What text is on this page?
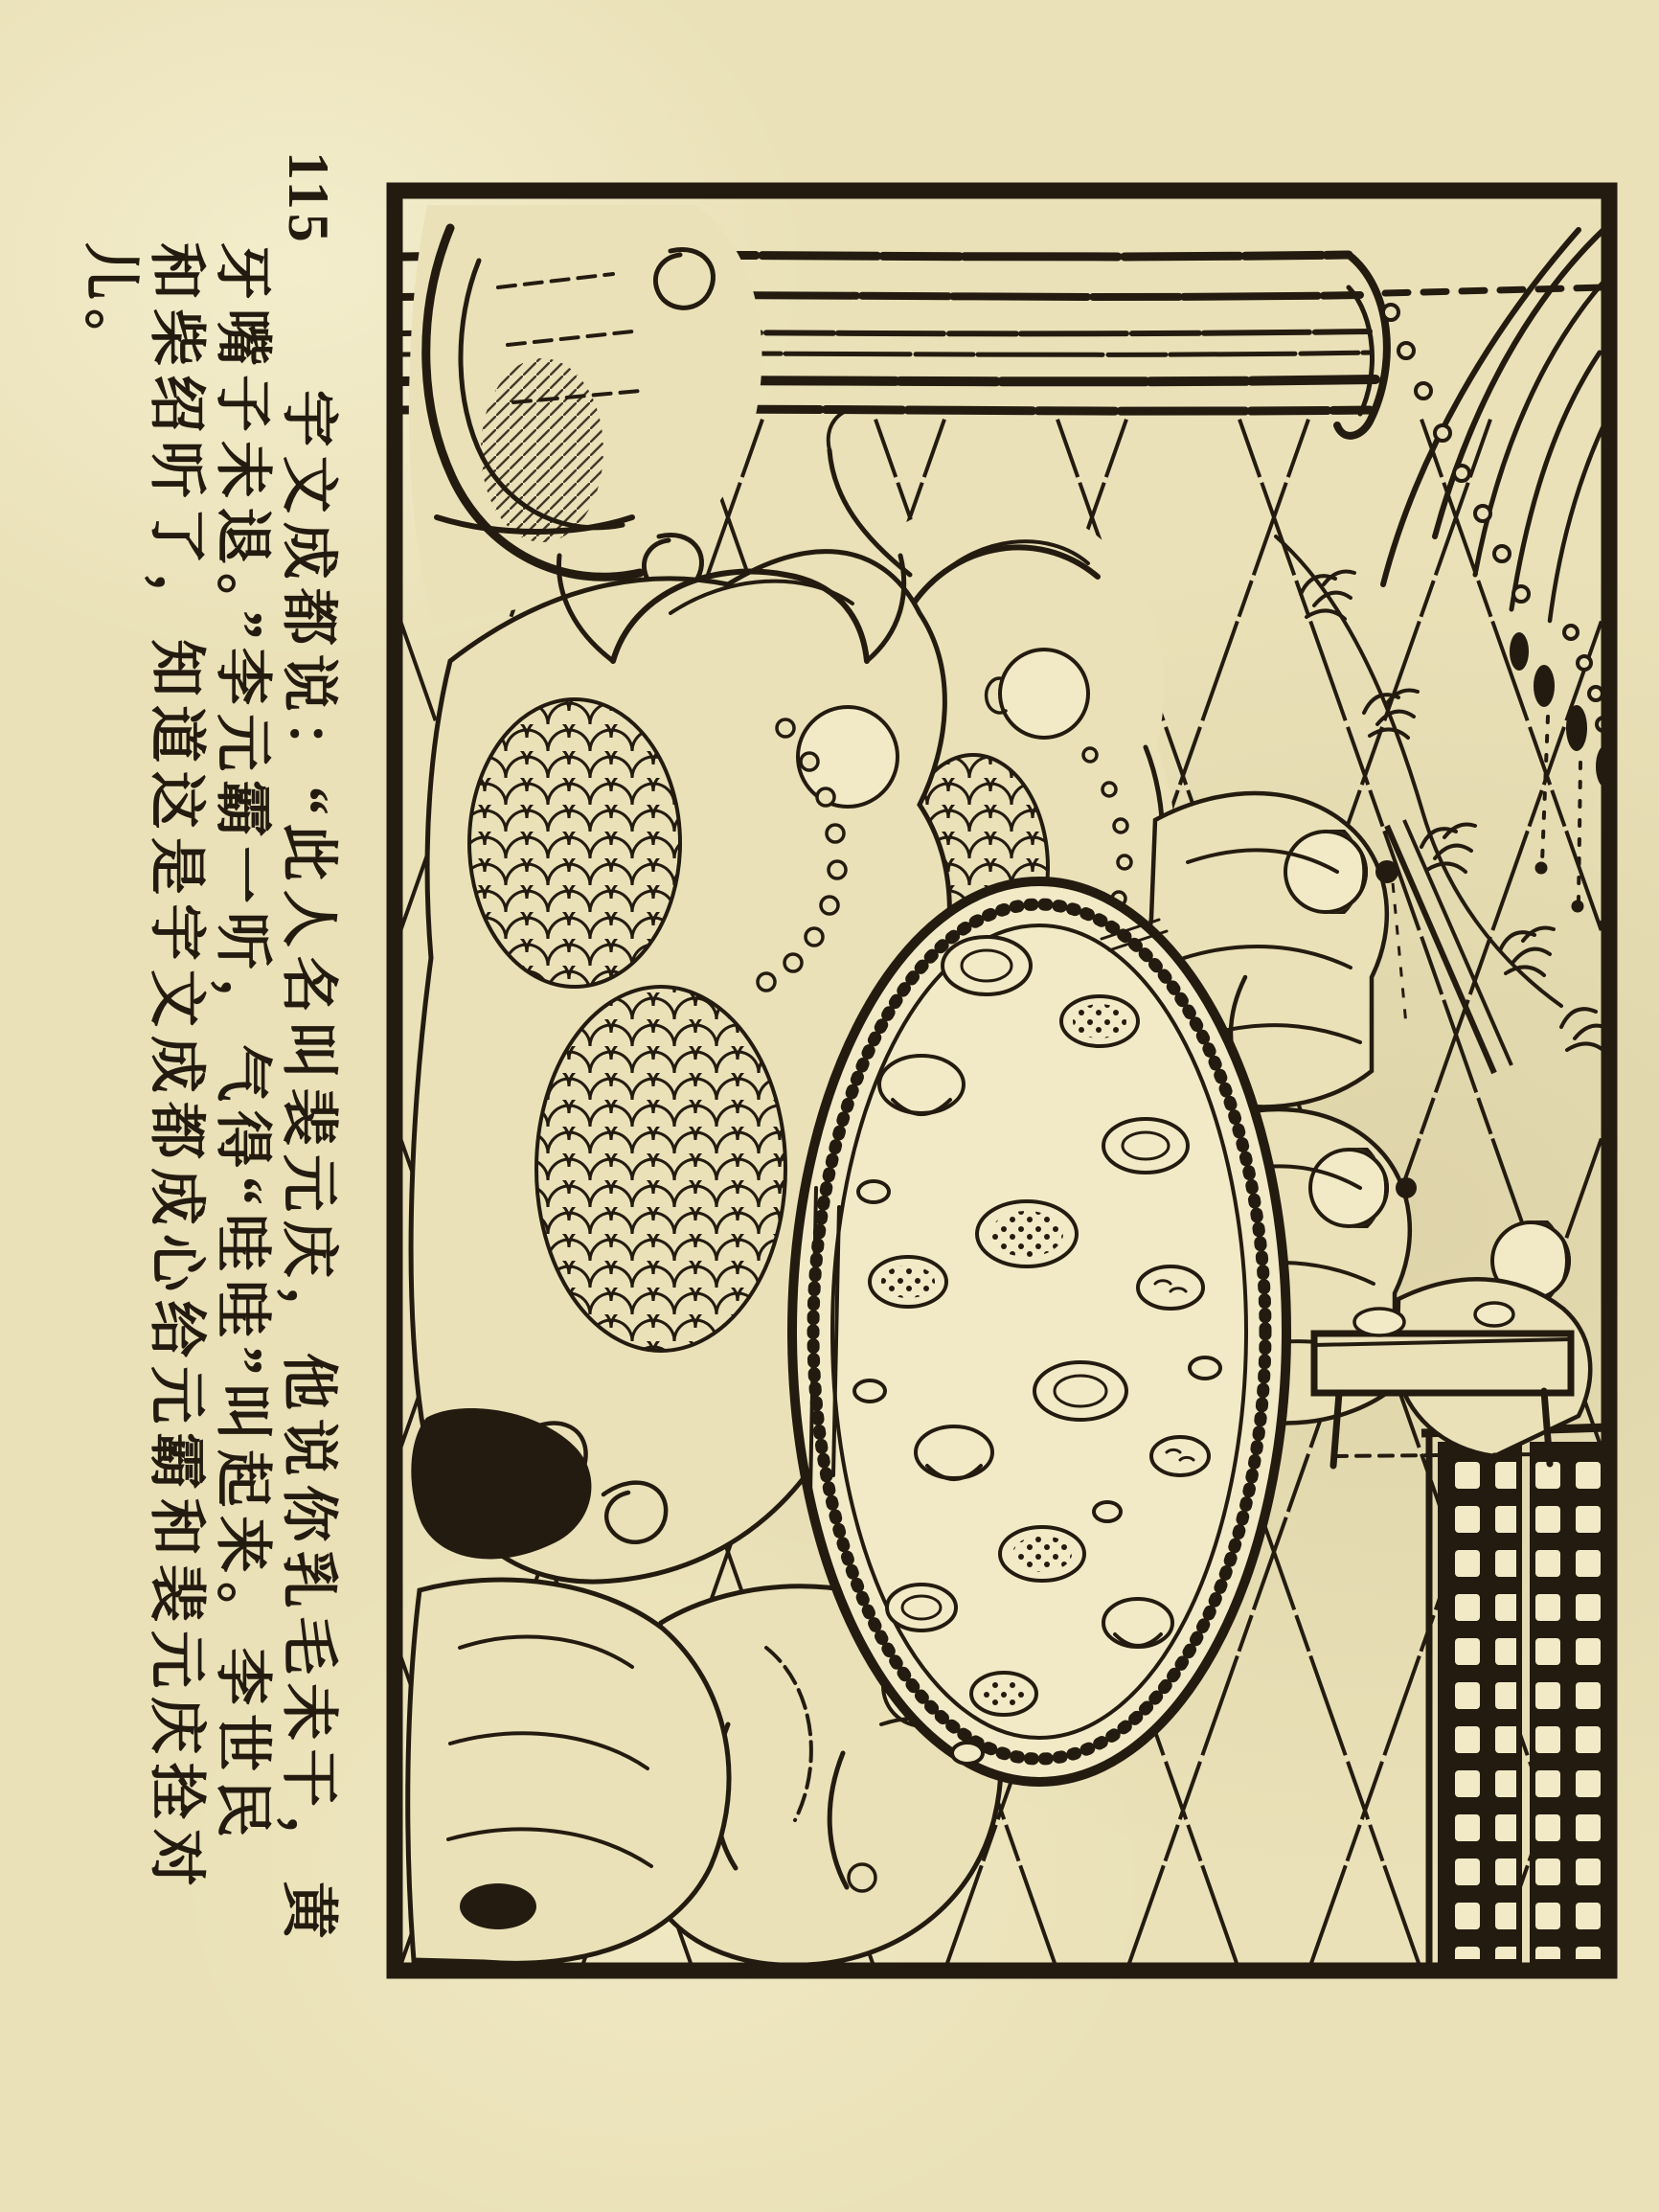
115宇文成都说：“此人名叫裴元庆，他说你乳毛未干，黄
牙嘴子未退。”李元霸一听，气得“哇哇”叫起来。李世民
和柴绍听了，知道这是宇文成都成心给元霸和裴元庆拴对
儿。
